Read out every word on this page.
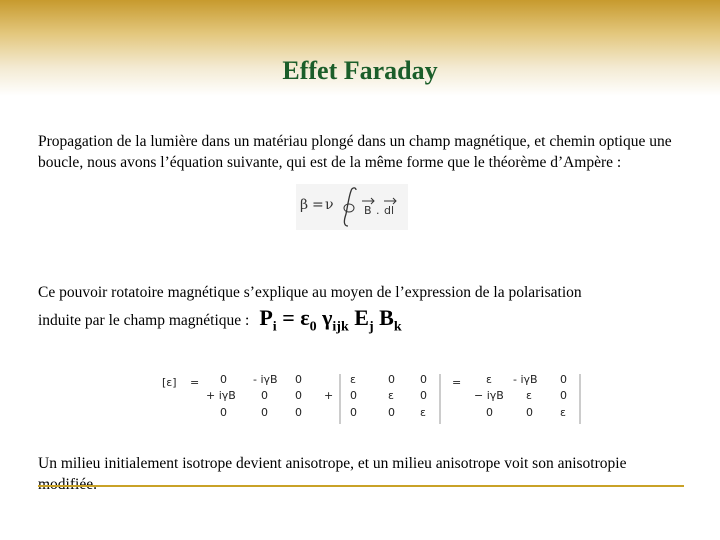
Effet Faraday
Propagation de la lumière dans un matériau plongé dans un champ magnétique, et chemin optique une boucle, nous avons l’équation suivante, qui est de la même forme que le théorème d’Ampère :
β = ν	B . dl
Ce pouvoir rotatoire magnétique s’explique au moyen de l’expression de la polarisation
induite par le champ magnétique : $P_i = \varepsilon_0$ $\gamma_{ijk}$ $E_j$ $B_k$
[ε] = 0 - iγB 0
+ iγB 0 0
0	0 0
+
ε	0 0
0	ε 0
0	0 ε
= ε - iγB 0
− iγB ε	0
0	0 ε
Un milieu initialement isotrope devient anisotrope, et un milieu anisotrope voit son anisotropie
